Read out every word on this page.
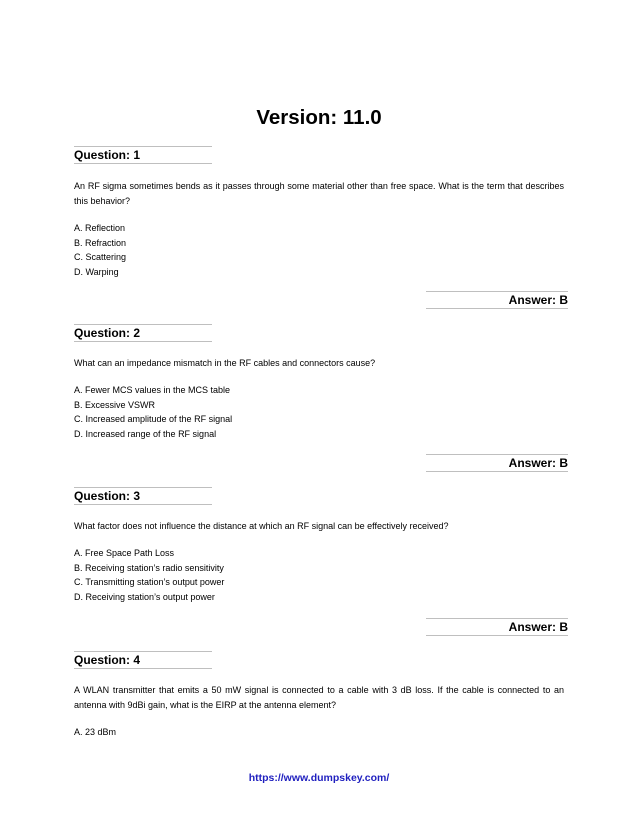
Version: 11.0
Question: 1
An RF sigma sometimes bends as it passes through some material other than free space. What is the term that describes this behavior?
A. Reflection
B. Refraction
C. Scattering
D. Warping
Answer: B
Question: 2
What can an impedance mismatch in the RF cables and connectors cause?
A. Fewer MCS values in the MCS table
B. Excessive VSWR
C. Increased amplitude of the RF signal
D. Increased range of the RF signal
Answer: B
Question: 3
What factor does not influence the distance at which an RF signal can be effectively received?
A. Free Space Path Loss
B. Receiving station’s radio sensitivity
C. Transmitting station’s output power
D. Receiving station’s output power
Answer: B
Question: 4
A WLAN transmitter that emits a 50 mW signal is connected to a cable with 3 dB loss. If the cable is connected to an antenna with 9dBi gain, what is the EIRP at the antenna element?
A. 23 dBm
https://www.dumpskey.com/
